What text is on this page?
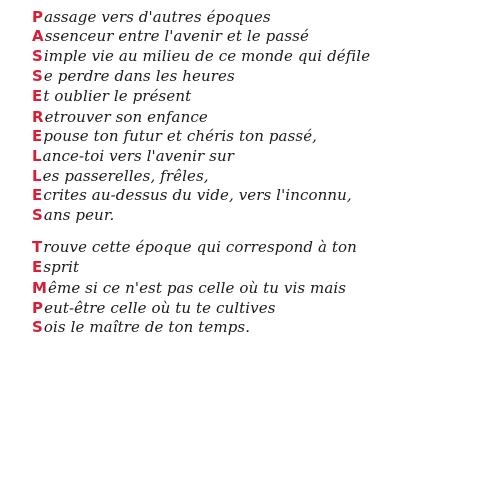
Passage vers d'autres époques
Assenceur entre l'avenir et le passé
Simple vie au milieu de ce monde qui défile
Se perdre dans les heures
Et oublier le présent
Retrouver son enfance
Epouse ton futur et chéris ton passé,
Lance-toi vers l'avenir sur
Les passerelles, frêles,
Ecrites au-dessus du vide, vers l'inconnu,
Sans peur.
Trouve cette époque qui correspond à ton
Esprit
Même si ce n'est pas celle où tu vis mais
Peut-être celle où tu te cultives
Sois le maître de ton temps.
